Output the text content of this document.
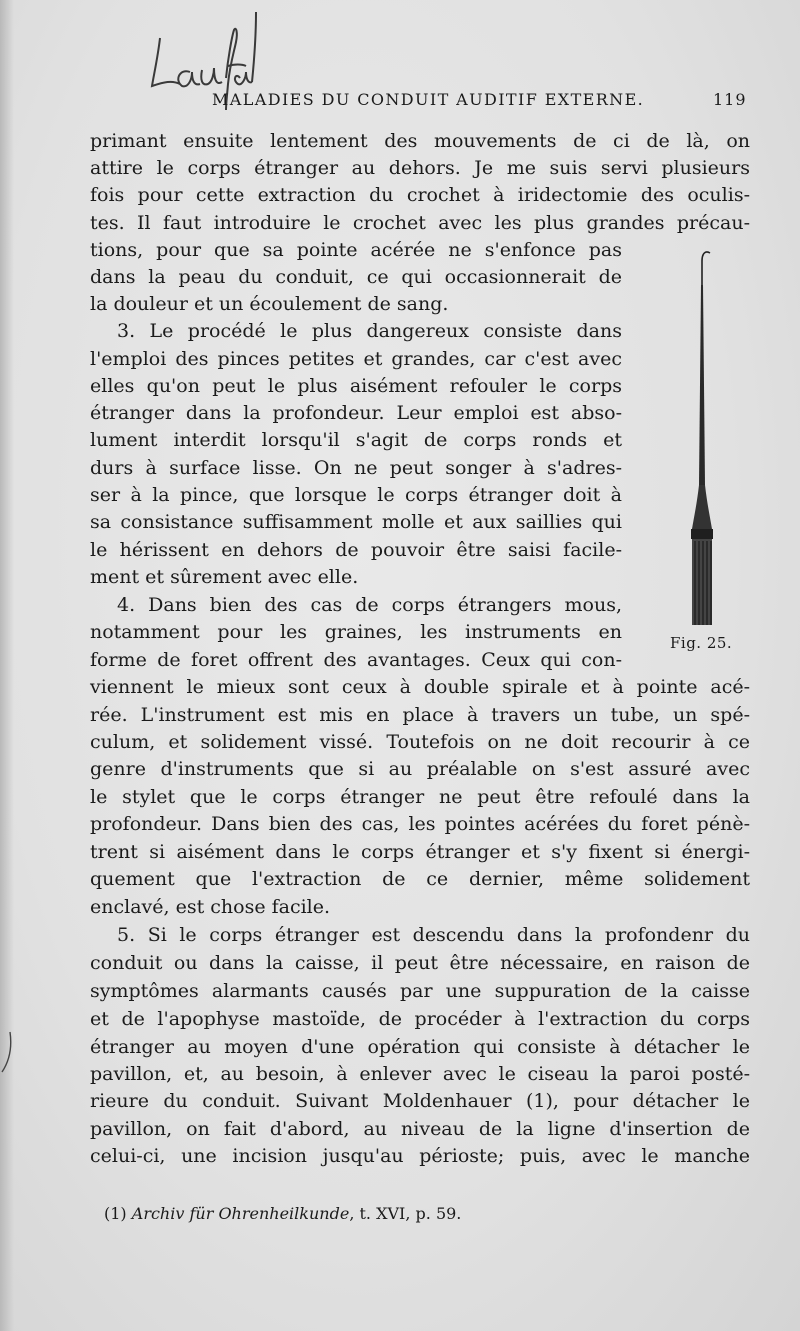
MALADIES DU CONDUIT AUDITIF EXTERNE.	119
primant ensuite lentement des mouvements de ci de là, on
attire le corps étranger au dehors. Je me suis servi plusieurs
fois pour cette extraction du crochet à iridectomie des oculis-
tes. Il faut introduire le crochet avec les plus grandes précau-
tions, pour que sa pointe acérée ne s'enfonce pas
dans la peau du conduit, ce qui occasionnerait de
la douleur et un écoulement de sang.
3. Le procédé le plus dangereux consiste dans
l'emploi des pinces petites et grandes, car c'est avec
elles qu'on peut le plus aisément refouler le corps
étranger dans la profondeur. Leur emploi est abso-
lument interdit lorsqu'il s'agit de corps ronds et
durs à surface lisse. On ne peut songer à s'adres-
ser à la pince, que lorsque le corps étranger doit à
sa consistance suffisamment molle et aux saillies qui
le hérissent en dehors de pouvoir être saisi facile-
ment et sûrement avec elle.
4. Dans bien des cas de corps étrangers mous,
notamment pour les graines, les instruments en
forme de foret offrent des avantages. Ceux qui con-
viennent le mieux sont ceux à double spirale et à pointe acé-
rée. L'instrument est mis en place à travers un tube, un spé-
culum, et solidement vissé. Toutefois on ne doit recourir à ce
genre d'instruments que si au préalable on s'est assuré avec
le stylet que le corps étranger ne peut être refoulé dans la
profondeur. Dans bien des cas, les pointes acérées du foret pénè-
trent si aisément dans le corps étranger et s'y fixent si énergi-
quement que l'extraction de ce dernier, même solidement
enclavé, est chose facile.
5. Si le corps étranger est descendu dans la profondenr du
conduit ou dans la caisse, il peut être nécessaire, en raison de
symptômes alarmants causés par une suppuration de la caisse
et de l'apophyse mastoïde, de procéder à l'extraction du corps
étranger au moyen d'une opération qui consiste à détacher le
pavillon, et, au besoin, à enlever avec le ciseau la paroi posté-
rieure du conduit. Suivant Moldenhauer (1), pour détacher le
pavillon, on fait d'abord, au niveau de la ligne d'insertion de
celui-ci, une incision jusqu'au périoste; puis, avec le manche
Fig. 25.
(1) Archiv für Ohrenheilkunde, t. XVI, p. 59.
